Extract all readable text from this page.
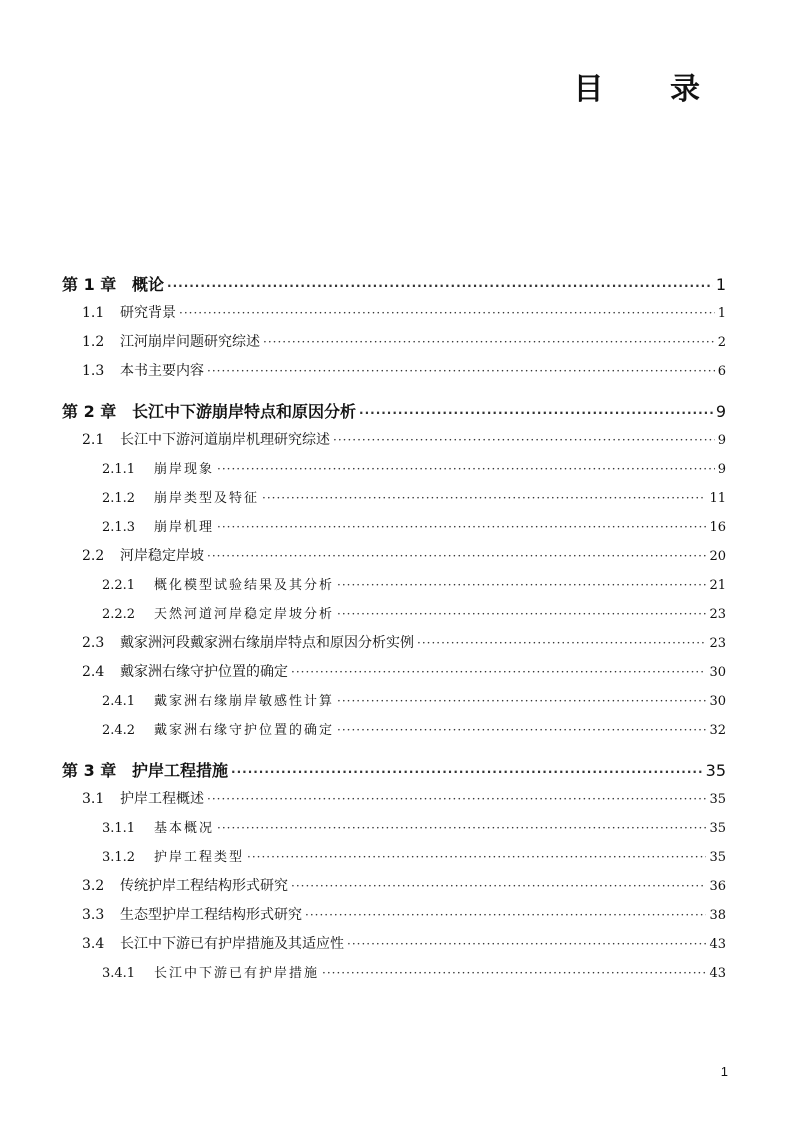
目 录
第 1 章 概论 ·····	1
1.1	研究背景 ·····	1
1.2	江河崩岸问题研究综述 ·····	2
1.3	本书主要内容 ·····	6
第 2 章 长江中下游崩岸特点和原因分析 ·····	9
2.1	长江中下游河道崩岸机理研究综述 ·····	9
2.1.1	崩岸现象 ·····	9
2.1.2	崩岸类型及特征 ·····	11
2.1.3	崩岸机理 ·····	16
2.2	河岸稳定岸坡 ·····	20
2.2.1	概化模型试验结果及其分析 ·····	21
2.2.2	天然河道河岸稳定岸坡分析 ·····	23
2.3	戴家洲河段戴家洲右缘崩岸特点和原因分析实例 ·····	23
2.4	戴家洲右缘守护位置的确定 ·····	30
2.4.1	戴家洲右缘崩岸敏感性计算 ·····	30
2.4.2	戴家洲右缘守护位置的确定 ·····	32
第 3 章 护岸工程措施 ·····	35
3.1	护岸工程概述 ·····	35
3.1.1	基本概况 ·····	35
3.1.2	护岸工程类型 ·····	35
3.2	传统护岸工程结构形式研究 ·····	36
3.3	生态型护岸工程结构形式研究 ·····	38
3.4	长江中下游已有护岸措施及其适应性 ·····	43
3.4.1	长江中下游已有护岸措施 ·····	43
1
